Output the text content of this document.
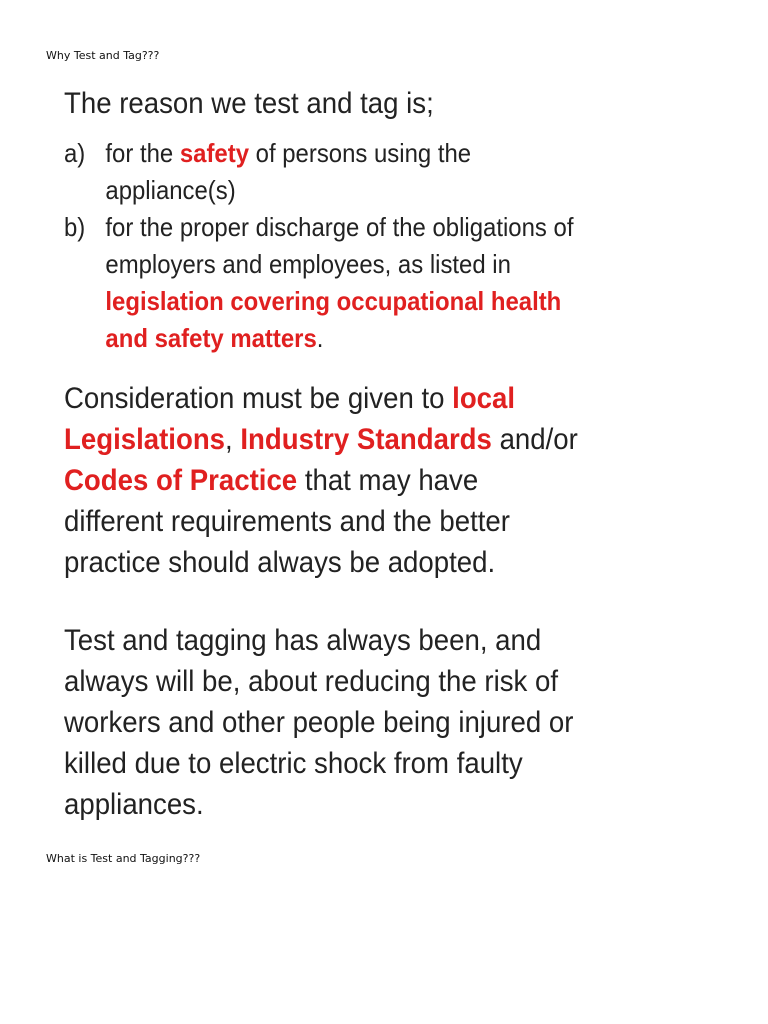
Why Test and Tag???
The reason we test and tag is;
a) for the safety of persons using the appliance(s)
b) for the proper discharge of the obligations of employers and employees, as listed in legislation covering occupational health and safety matters.
Consideration must be given to local Legislations, Industry Standards and/or Codes of Practice that may have different requirements and the better practice should always be adopted.
Test and tagging has always been, and always will be, about reducing the risk of workers and other people being injured or killed due to electric shock from faulty appliances.
What is Test and Tagging???
